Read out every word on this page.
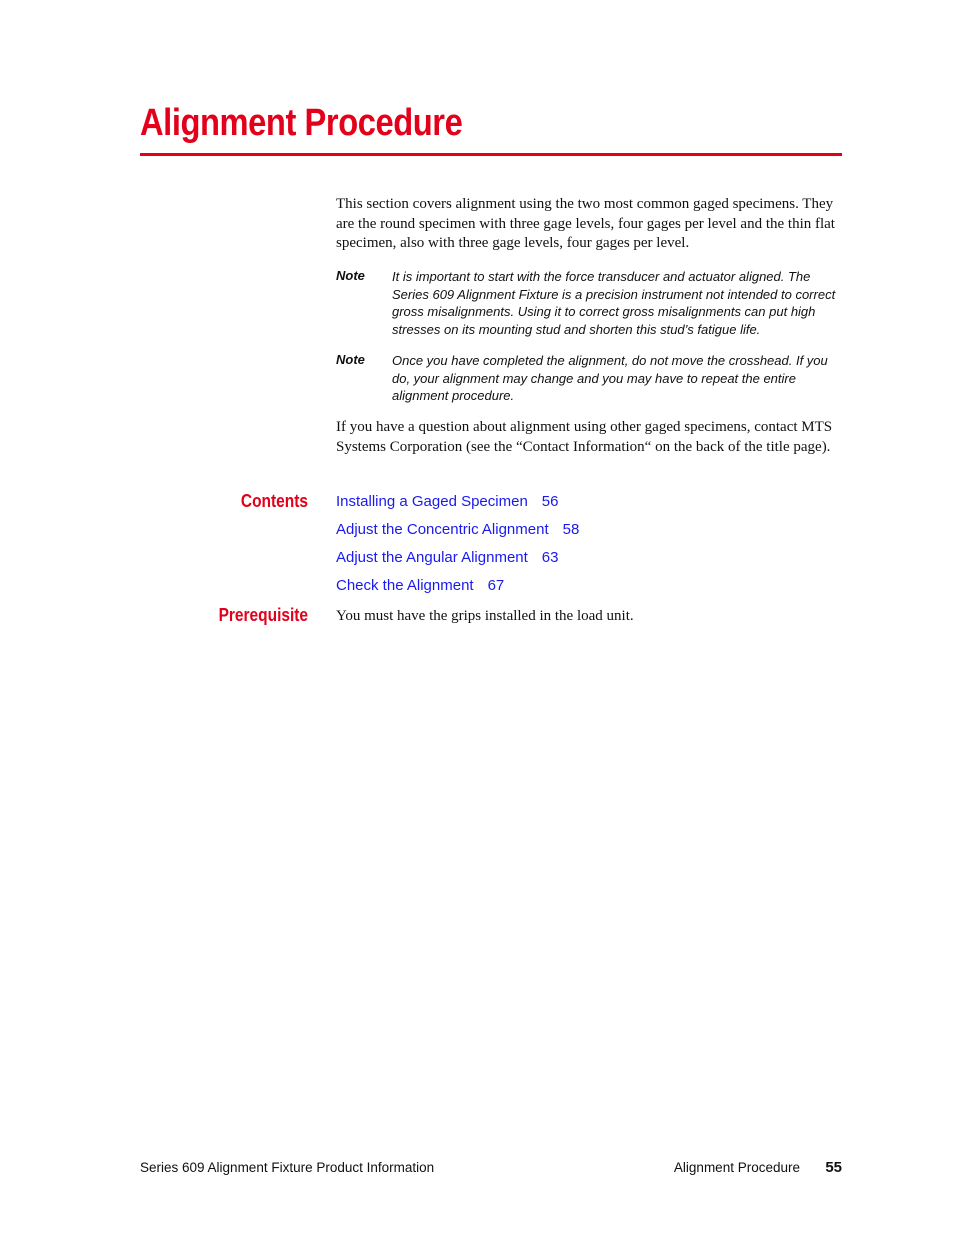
Alignment Procedure
This section covers alignment using the two most common gaged specimens. They are the round specimen with three gage levels, four gages per level and the thin flat specimen, also with three gage levels, four gages per level.
Note It is important to start with the force transducer and actuator aligned. The Series 609 Alignment Fixture is a precision instrument not intended to correct gross misalignments. Using it to correct gross misalignments can put high stresses on its mounting stud and shorten this stud’s fatigue life.
Note Once you have completed the alignment, do not move the crosshead. If you do, your alignment may change and you may have to repeat the entire alignment procedure.
If you have a question about alignment using other gaged specimens, contact MTS Systems Corporation (see the “Contact Information“ on the back of the title page).
Contents Installing a Gaged Specimen 56
Adjust the Concentric Alignment 58
Adjust the Angular Alignment 63
Check the Alignment 67
Prerequisite You must have the grips installed in the load unit.
Series 609 Alignment Fixture Product Information	Alignment Procedure 55
